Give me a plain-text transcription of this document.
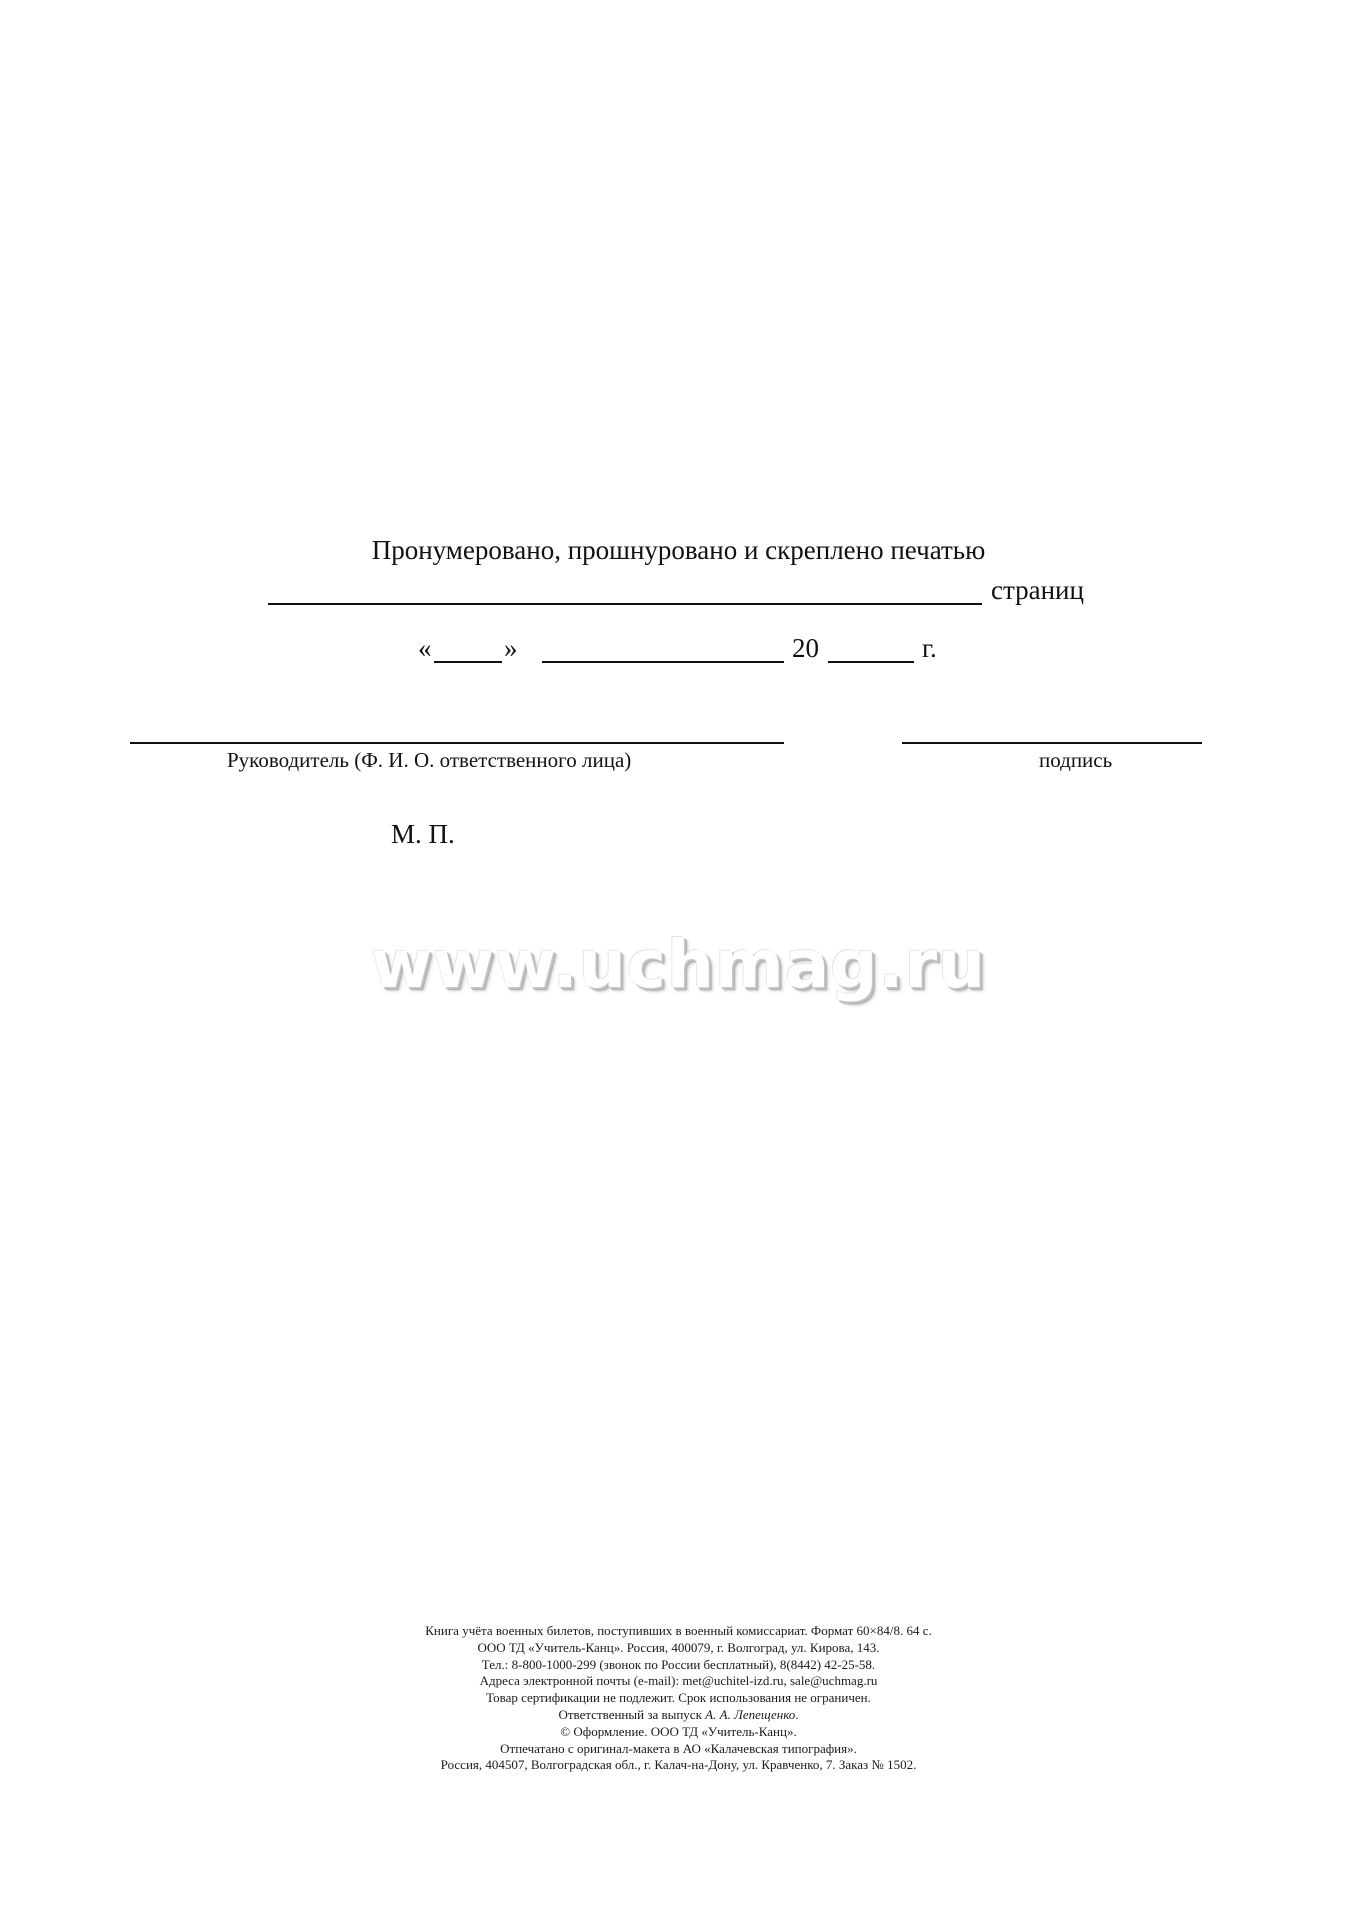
Пронумеровано, прошнуровано и скреплено печатью
страниц
«	»	20	г.
Руководитель (Ф. И. О. ответственного лица)	подпись
М. П.
www.uchmag.ru
Книга учёта военных билетов, поступивших в военный комиссариат. Формат 60×84/8. 64 с.
ООО ТД «Учитель-Канц». Россия, 400079, г. Волгоград, ул. Кирова, 143.
Тел.: 8-800-1000-299 (звонок по России бесплатный), 8(8442) 42-25-58.
Адреса электронной почты (e-mail): met@uchitel-izd.ru, sale@uchmag.ru
Товар сертификации не подлежит. Срок использования не ограничен.
Ответственный за выпуск А. А. Лепещенко.
© Оформление. ООО ТД «Учитель-Канц».
Отпечатано с оригинал-макета в АО «Калачевская типография».
Россия, 404507, Волгоградская обл., г. Калач-на-Дону, ул. Кравченко, 7. Заказ № 1502.
